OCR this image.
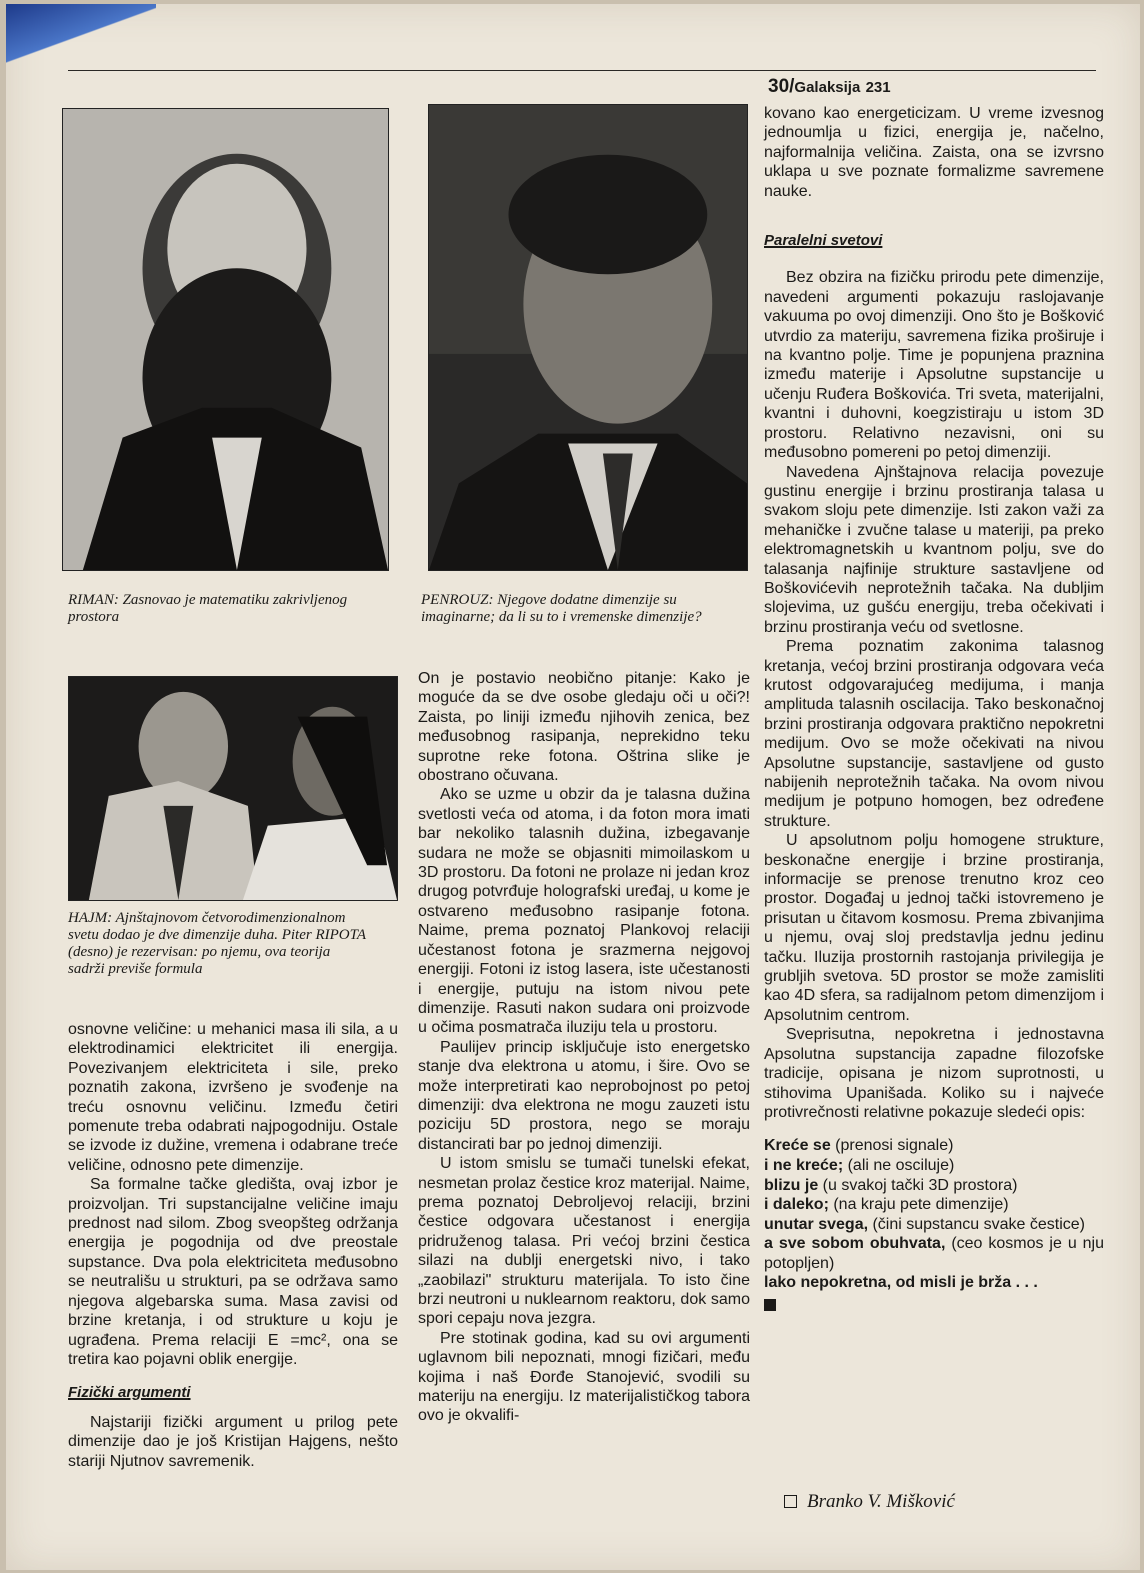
30/Galaksija 231
RIMAN: Zasnovao je matematiku zakrivljenog prostora
PENROUZ: Njegove dodatne dimenzije su imaginarne; da li su to i vremenske dimenzije?
HAJM: Ajnštajnovom četvorodimenzionalnom svetu dodao je dve dimenzije duha. Piter RIPOTA (desno) je rezervisan: po njemu, ova teorija sadrži previše formula

osnovne veličine: u mehanici masa ili sila, a u elektrodinamici elektricitet ili energija. Povezivanjem elektriciteta i sile, preko poznatih zakona, izvršeno je svođenje na treću osnovnu veličinu. Između četiri pomenute treba odabrati najpogodniju. Ostale se izvode iz dužine, vremena i odabrane treće veličine, odnosno pete dimenzije.

Sa formalne tačke gledišta, ovaj izbor je proizvoljan. Tri supstancijalne veličine imaju prednost nad silom. Zbog sveopšteg održanja energija je pogodnija od dve preostale supstance. Dva pola elektriciteta međusobno se neutrališu u strukturi, pa se održava samo njegova algebarska suma. Masa zavisi od brzine kretanja, i od strukture u koju je ugrađena. Prema relaciji E =mc², ona se tretira kao pojavni oblik energije.

Fizički argumenti

Najstariji fizički argument u prilog pete dimenzije dao je još Kristijan Hajgens, nešto stariji Njutnov savremenik.

On je postavio neobično pitanje: Kako je moguće da se dve osobe gledaju oči u oči?! Zaista, po liniji između njihovih zenica, bez međusobnog rasipanja, neprekidno teku suprotne reke fotona. Oštrina slike je obostrano očuvana.

Ako se uzme u obzir da je talasna dužina svetlosti veća od atoma, i da foton mora imati bar nekoliko talasnih dužina, izbegavanje sudara ne može se objasniti mimoilaskom u 3D prostoru. Da fotoni ne prolaze ni jedan kroz drugog potvrđuje holografski uređaj, u kome je ostvareno međusobno rasipanje fotona. Naime, prema poznatoj Plankovoj relaciji učestanost fotona je srazmerna nejgovoj energiji. Fotoni iz istog lasera, iste učestanosti i energije, putuju na istom nivou pete dimenzije. Rasuti nakon sudara oni proizvode u očima posmatrača iluziju tela u prostoru.

Paulijev princip isključuje isto energetsko stanje dva elektrona u atomu, i šire. Ovo se može interpretirati kao neprobojnost po petoj dimenziji: dva elektrona ne mogu zauzeti istu poziciju 5D prostora, nego se moraju distancirati bar po jednoj dimenziji.

U istom smislu se tumači tunelski efekat, nesmetan prolaz čestice kroz materijal. Naime, prema poznatoj Debroljevoj relaciji, brzini čestice odgovara učestanost i energija pridruženog talasa. Pri većoj brzini čestica silazi na dublji energetski nivo, i tako „zaobilazi" strukturu materijala. To isto čine brzi neutroni u nuklearnom reaktoru, dok samo spori cepaju nova jezgra.

Pre stotinak godina, kad su ovi argumenti uglavnom bili nepoznati, mnogi fizičari, među kojima i naš Đorđe Stanojević, svodili su materiju na energiju. Iz materijalističkog tabora ovo je okvalifi-

kovano kao energeticizam. U vreme izvesnog jednoumlja u fizici, energija je, načelno, najformalnija veličina. Zaista, ona se izvrsno uklapa u sve poznate formalizme savremene nauke.

Paralelni svetovi

Bez obzira na fizičku prirodu pete dimenzije, navedeni argumenti pokazuju raslojavanje vakuuma po ovoj dimenziji. Ono što je Bošković utvrdio za materiju, savremena fizika proširuje i na kvantno polje. Time je popunjena praznina između materije i Apsolutne supstancije u učenju Ruđera Boškovića. Tri sveta, materijalni, kvantni i duhovni, koegzistiraju u istom 3D prostoru. Relativno nezavisni, oni su međusobno pomereni po petoj dimenziji.

Navedena Ajnštajnova relacija povezuje gustinu energije i brzinu prostiranja talasa u svakom sloju pete dimenzije. Isti zakon važi za mehaničke i zvučne talase u materiji, pa preko elektromagnetskih u kvantnom polju, sve do talasanja najfinije strukture sastavljene od Boškovićevih neprotežnih tačaka. Na dubljim slojevima, uz gušću energiju, treba očekivati i brzinu prostiranja veću od svetlosne.

Prema poznatim zakonima talasnog kretanja, većoj brzini prostiranja odgovara veća krutost odgovarajućeg medijuma, i manja amplituda talasnih oscilacija. Tako beskonačnoj brzini prostiranja odgovara praktično nepokretni medijum. Ovo se može očekivati na nivou Apsolutne supstancije, sastavljene od gusto nabijenih neprotežnih tačaka. Na ovom nivou medijum je potpuno homogen, bez određene strukture.

U apsolutnom polju homogene strukture, beskonačne energije i brzine prostiranja, informacije se prenose trenutno kroz ceo prostor. Događaj u jednoj tački istovremeno je prisutan u čitavom kosmosu. Prema zbivanjima u njemu, ovaj sloj predstavlja jednu jedinu tačku. Iluzija prostornih rastojanja privilegija je grubljih svetova. 5D prostor se može zamisliti kao 4D sfera, sa radijalnom petom dimenzijom i Apsolutnim centrom.

Sveprisutna, nepokretna i jednostavna Apsolutna supstancija zapadne filozofske tradicije, opisana je nizom suprotnosti, u stihovima Upanišada. Koliko su i najveće protivrečnosti relativne pokazuje sledeći opis:

Kreće se (prenosi signale)
i ne kreće; (ali ne osciluje)
blizu je (u svakoj tački 3D prostora)
i daleko; (na kraju pete dimenzije)
unutar svega, (čini supstancu svake čestice)
a sve sobom obuhvata, (ceo kosmos je u nju potopljen)
lako nepokretna, od misli je brža . . .
Branko V. Mišković
